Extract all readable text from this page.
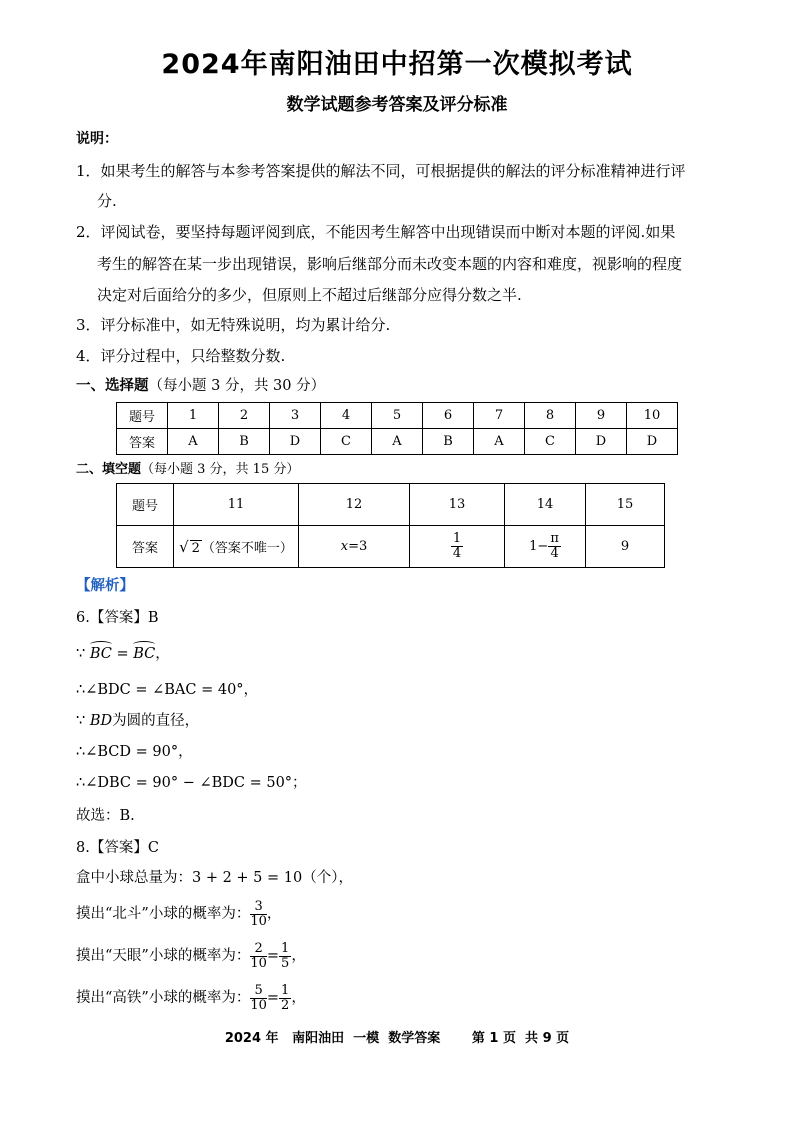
2024年南阳油田中招第一次模拟考试
数学试题参考答案及评分标准
说明：
1．如果考生的解答与本参考答案提供的解法不同，可根据提供的解法的评分标准精神进行评
分.
2．评阅试卷，要坚持每题评阅到底，不能因考生解答中出现错误而中断对本题的评阅.如果
考生的解答在某一步出现错误，影响后继部分而未改变本题的内容和难度，视影响的程度
决定对后面给分的多少，但原则上不超过后继部分应得分数之半.
3．评分标准中，如无特殊说明，均为累计给分.
4．评分过程中，只给整数分数.
一、选择题（每小题 3 分，共 30 分）
题号	1	2	3	4	5	6	7	8	9	10
答案	A	B	D	C	A	B	A	C	D	D
二、填空题（每小题 3 分，共 15 分）
题号	11	12	13	14	15
答案	√ 2 （答案不唯一）	x=3	$\frac{1}{4}$	$1- \frac{\pi}{4}$	9
【解析】
6.【答案】B
∵ BC = BC，
∴∠BDC = ∠BAC = 40°，
∵ BD为圆的直径，
∴∠BCD = 90°，
∴∠DBC = 90° − ∠BDC = 50°；
故选：B.
8.【答案】C
盒中小球总量为：3 + 2 + 5 = 10（个），
摸出“北斗”小球的概率为： $\frac{3}{10}$ ，
摸出“天眼”小球的概率为： $\frac{2}{10} = \frac{1}{5}$ ，
摸出“高铁”小球的概率为： $\frac{5}{10} = \frac{1}{2}$ ，
2024 年   南阳油田  一模  数学答案       第 1 页  共 9 页
